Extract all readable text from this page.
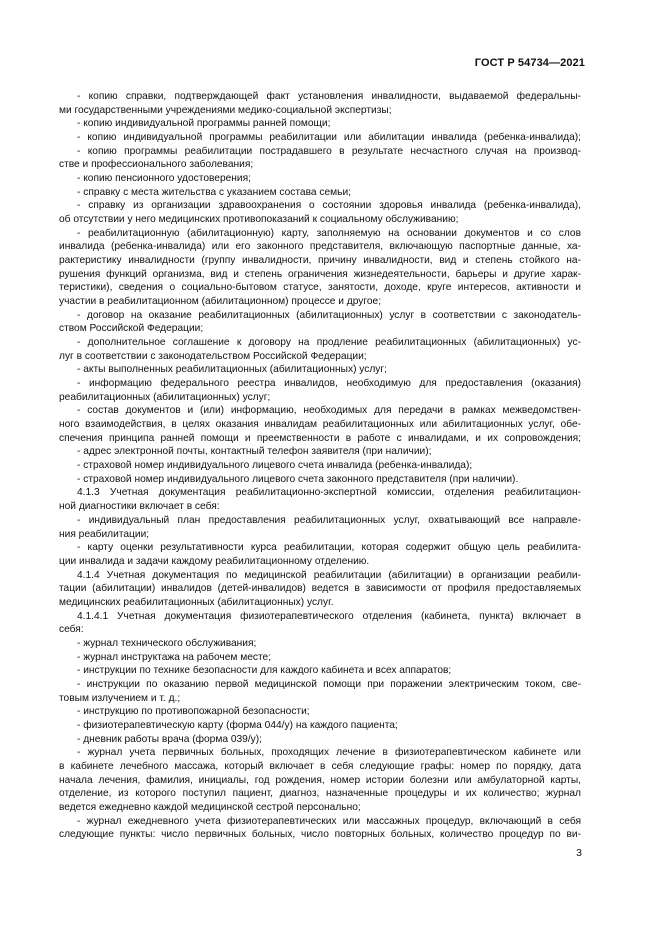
ГОСТ Р 54734—2021
- копию справки, подтверждающей факт установления инвалидности, выдаваемой федеральны-
ми государственными учреждениями медико-социальной экспертизы;
- копию индивидуальной программы ранней помощи;
- копию индивидуальной программы реабилитации или абилитации инвалида (ребенка-инвалида);
- копию программы реабилитации пострадавшего в результате несчастного случая на производ-
стве и профессионального заболевания;
- копию пенсионного удостоверения;
- справку с места жительства с указанием состава семьи;
- справку из организации здравоохранения о состоянии здоровья инвалида (ребенка-инвалида),
об отсутствии у него медицинских противопоказаний к социальному обслуживанию;
- реабилитационную (абилитационную) карту, заполняемую на основании документов и со слов
инвалида (ребенка-инвалида) или его законного представителя, включающую паспортные данные, ха-
рактеристику инвалидности (группу инвалидности, причину инвалидности, вид и степень стойкого на-
рушения функций организма, вид и степень ограничения жизнедеятельности, барьеры и другие харак-
теристики), сведения о социально-бытовом статусе, занятости, доходе, круге интересов, активности и
участии в реабилитационном (абилитационном) процессе и другое;
- договор на оказание реабилитационных (абилитационных) услуг в соответствии с законодатель-
ством Российской Федерации;
- дополнительное соглашение к договору на продление реабилитационных (абилитационных) ус-
луг в соответствии с законодательством Российской Федерации;
- акты выполненных реабилитационных (абилитационных) услуг;
- информацию федерального реестра инвалидов, необходимую для предоставления (оказания)
реабилитационных (абилитационных) услуг;
- состав документов и (или) информацию, необходимых для передачи в рамках межведомствен-
ного взаимодействия, в целях оказания инвалидам реабилитационных или абилитационных услуг, обе-
спечения принципа ранней помощи и преемственности в работе с инвалидами, и их сопровождения;
- адрес электронной почты, контактный телефон заявителя (при наличии);
- страховой номер индивидуального лицевого счета инвалида (ребенка-инвалида);
- страховой номер индивидуального лицевого счета законного представителя (при наличии).
4.1.3 Учетная документация реабилитационно-экспертной комиссии, отделения реабилитацион-
ной диагностики включает в себя:
- индивидуальный план предоставления реабилитационных услуг, охватывающий все направле-
ния реабилитации;
- карту оценки результативности курса реабилитации, которая содержит общую цель реабилита-
ции инвалида и задачи каждому реабилитационному отделению.
4.1.4 Учетная документация по медицинской реабилитации (абилитации) в организации реабили-
тации (абилитации) инвалидов (детей-инвалидов) ведется в зависимости от профиля предоставляемых
медицинских реабилитационных (абилитационных) услуг.
4.1.4.1 Учетная документация физиотерапевтического отделения (кабинета, пункта) включает в
себя:
- журнал технического обслуживания;
- журнал инструктажа на рабочем месте;
- инструкции по технике безопасности для каждого кабинета и всех аппаратов;
- инструкции по оказанию первой медицинской помощи при поражении электрическим током, све-
товым излучением и т. д.;
- инструкцию по противопожарной безопасности;
- физиотерапевтическую карту (форма 044/у) на каждого пациента;
- дневник работы врача (форма 039/у);
- журнал учета первичных больных, проходящих лечение в физиотерапевтическом кабинете или
в кабинете лечебного массажа, который включает в себя следующие графы: номер по порядку, дата
начала лечения, фамилия, инициалы, год рождения, номер истории болезни или амбулаторной карты,
отделение, из которого поступил пациент, диагноз, назначенные процедуры и их количество; журнал
ведется ежедневно каждой медицинской сестрой персонально;
- журнал ежедневного учета физиотерапевтических или массажных процедур, включающий в себя
следующие пункты: число первичных больных, число повторных больных, количество процедур по ви-
3
